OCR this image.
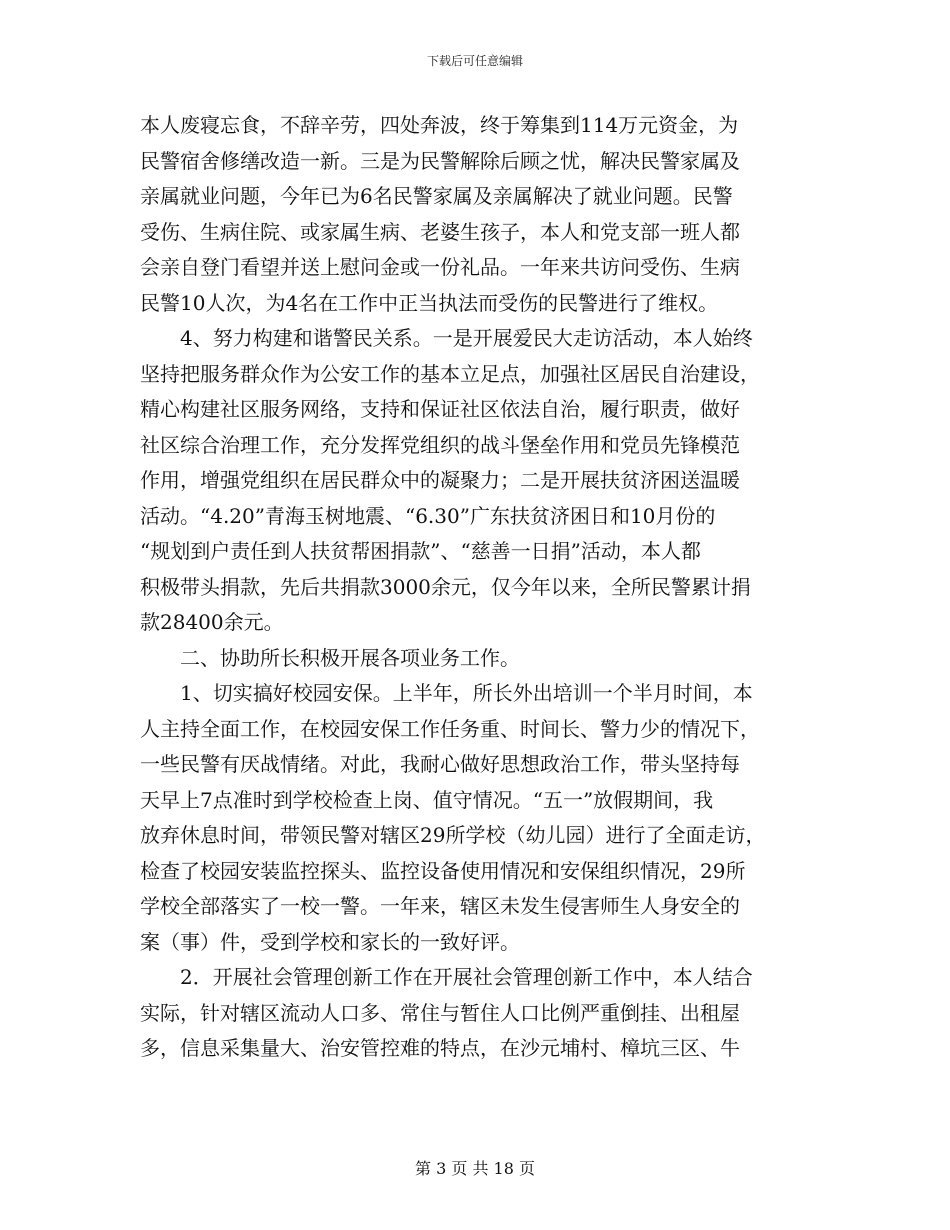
下载后可任意编辑
本人废寝忘食，不辞辛劳，四处奔波，终于筹集到114万元资金，为
民警宿舍修缮改造一新。三是为民警解除后顾之忧，解决民警家属及
亲属就业问题，今年已为6名民警家属及亲属解决了就业问题。民警
受伤、生病住院、或家属生病、老婆生孩子，本人和党支部一班人都
会亲自登门看望并送上慰问金或一份礼品。一年来共访问受伤、生病
民警10人次，为4名在工作中正当执法而受伤的民警进行了维权。
　　4、努力构建和谐警民关系。一是开展爱民大走访活动，本人始终
坚持把服务群众作为公安工作的基本立足点，加强社区居民自治建设，
精心构建社区服务网络，支持和保证社区依法自治，履行职责，做好
社区综合治理工作，充分发挥党组织的战斗堡垒作用和党员先锋模范
作用，增强党组织在居民群众中的凝聚力；二是开展扶贫济困送温暖
活动。“4.20”青海玉树地震、“6.30”广东扶贫济困日和10月份的
“规划到户责任到人扶贫帮困捐款”、“慈善一日捐”活动，本人都
积极带头捐款，先后共捐款3000余元，仅今年以来，全所民警累计捐
款28400余元。
　　二、协助所长积极开展各项业务工作。
　　1、切实搞好校园安保。上半年，所长外出培训一个半月时间，本
人主持全面工作，在校园安保工作任务重、时间长、警力少的情况下，
一些民警有厌战情绪。对此，我耐心做好思想政治工作，带头坚持每
天早上7点准时到学校检查上岗、值守情况。“五一”放假期间，我
放弃休息时间，带领民警对辖区29所学校（幼儿园）进行了全面走访，
检查了校园安装监控探头、监控设备使用情况和安保组织情况，29所
学校全部落实了一校一警。一年来，辖区未发生侵害师生人身安全的
案（事）件，受到学校和家长的一致好评。
　　2．开展社会管理创新工作在开展社会管理创新工作中，本人结合
实际，针对辖区流动人口多、常住与暂住人口比例严重倒挂、出租屋
多，信息采集量大、治安管控难的特点，在沙元埔村、樟坑三区、牛
第 3 页 共 18 页
